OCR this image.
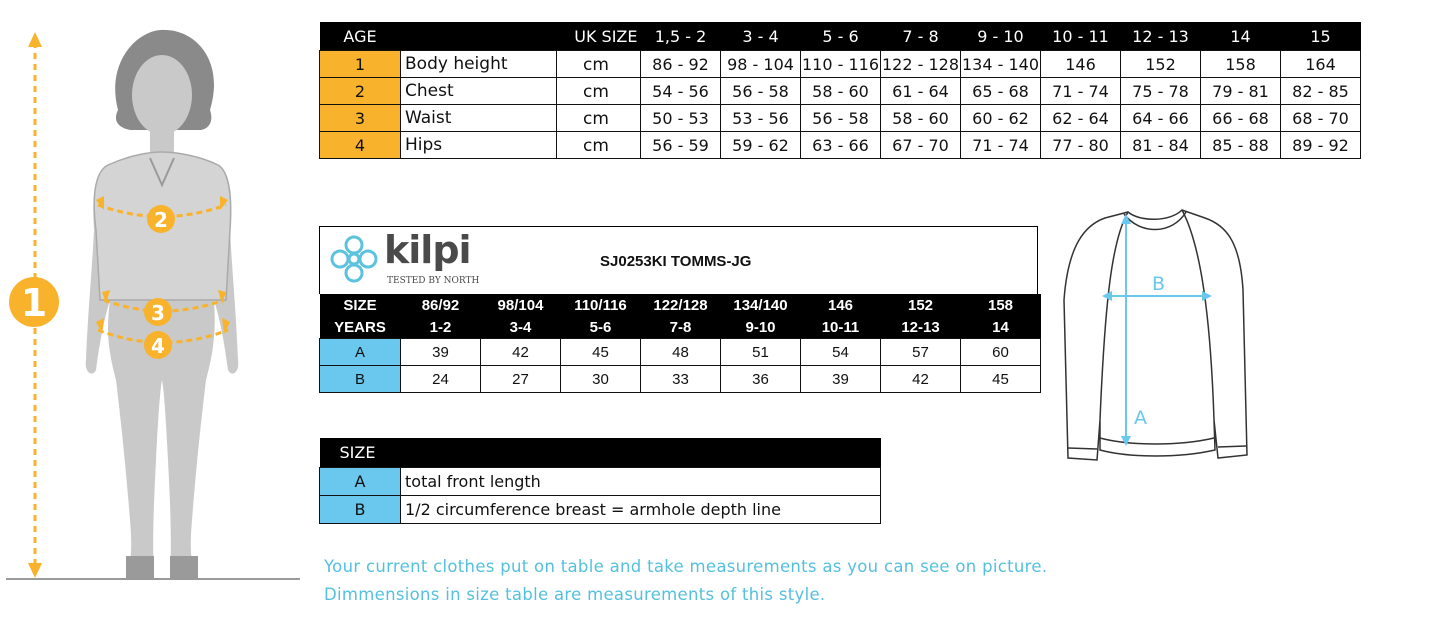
1
2
3
4
AGE	UK SIZE	1,5 - 2	3 - 4	5 - 6	7 - 8	9 - 10	10 - 11	12 - 13	14	15
1	Body height cm	86 - 92	98 - 104	110 - 116	122 - 128	134 - 140	146	152	158	164
2	Chest cm	54 - 56	56 - 58	58 - 60	61 - 64	65 - 68	71 - 74	75 - 78	79 - 81	82 - 85
3	Waist cm	50 - 53	53 - 56	56 - 58	58 - 60	60 - 62	62 - 64	64 - 66	66 - 68	68 - 70
4	Hips cm	56 - 59	59 - 62	63 - 66	67 - 70	71 - 74	77 - 80	81 - 84	85 - 88	89 - 92
kilpi
TESTED BY NORTH
SJ0253KI TOMMS-JG
SIZE	86/92	98/104	110/116	122/128	134/140	146	152	158
YEARS	1-2	3-4	5-6	7-8	9-10	10-11	12-13	14
A	39	42	45	48	51	54	57	60
B	24	27	30	33	36	39	42	45
B
A
SIZE	
A	total front length
B	1/2 circumference breast = armhole depth line
Your current clothes put on table and take measurements as you can see on picture.
Dimmensions in size table are measurements of this style.
